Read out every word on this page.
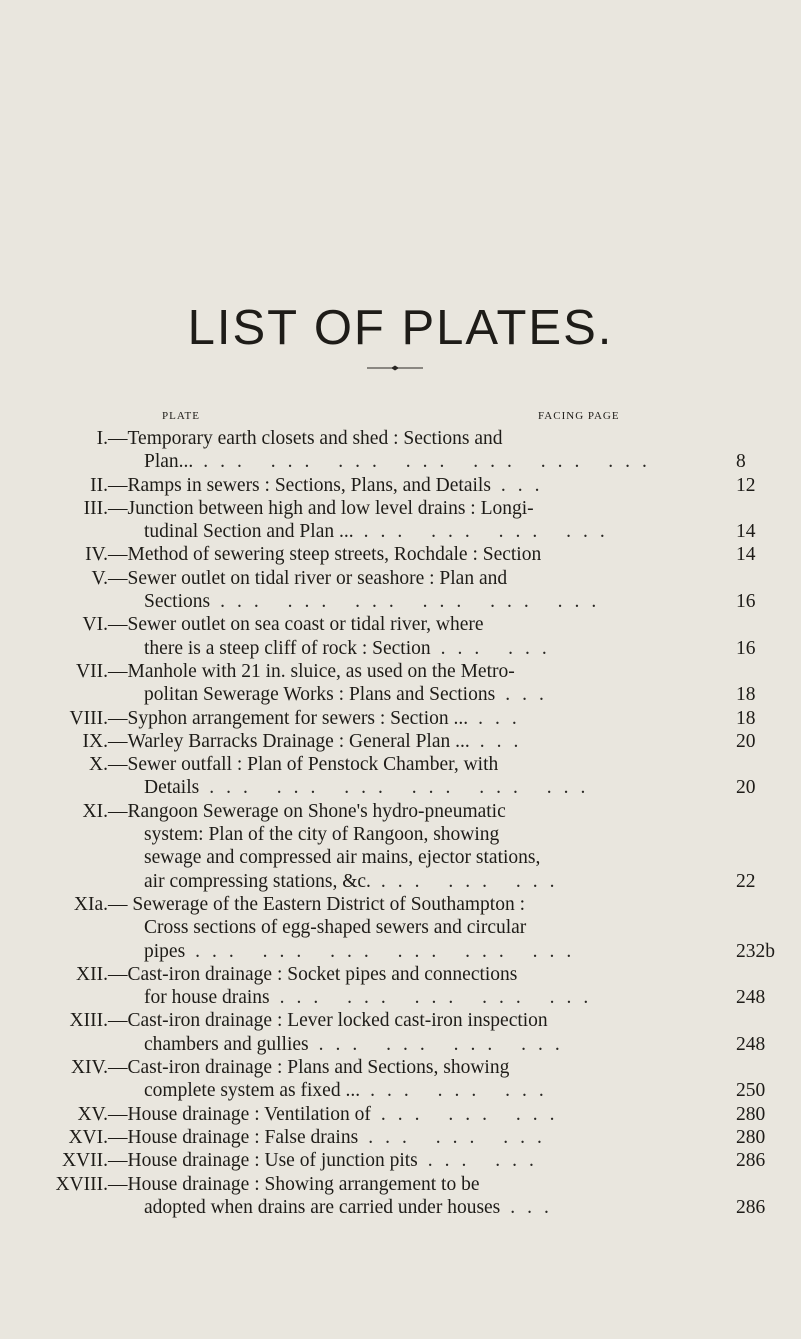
LIST OF PLATES.
PLATE	FACING PAGE
I. —Temporary earth closets and shed : Sections and
Plan... ... ... ... ... ... ... ...	8
II. —Ramps in sewers : Sections, Plans, and Details ...	12
III. —Junction between high and low level drains : Longi-
tudinal Section and Plan ... ... ... ... ...	14
IV. —Method of sewering steep streets, Rochdale : Section	14
V. —Sewer outlet on tidal river or seashore : Plan and
Sections ... ... ... ... ... ...	16
VI. —Sewer outlet on sea coast or tidal river, where
there is a steep cliff of rock : Section ... ...	16
VII. —Manhole with 21 in. sluice, as used on the Metro-
politan Sewerage Works : Plans and Sections ...	18
VIII. —Syphon arrangement for sewers : Section ... ...	18
IX. —Warley Barracks Drainage : General Plan ... ...	20
X. —Sewer outfall : Plan of Penstock Chamber, with
Details ... ... ... ... ... ...	20
XI. —Rangoon Sewerage on Shone's hydro-pneumatic
system: Plan of the city of Rangoon, showing
sewage and compressed air mains, ejector stations,
air compressing stations, &c. ... ... ...	22
XIa. — Sewerage of the Eastern District of Southampton :
Cross sections of egg-shaped sewers and circular
pipes ... ... ... ... ... ...	232b
XII. —Cast-iron drainage : Socket pipes and connections
for house drains ... ... ... ... ...	248
XIII. —Cast-iron drainage : Lever locked cast-iron inspection
chambers and gullies ... ... ... ...	248
XIV. —Cast-iron drainage : Plans and Sections, showing
complete system as fixed ... ... ... ...	250
XV. —House drainage : Ventilation of ... ... ...	280
XVI. —House drainage : False drains ... ... ...	280
XVII. —House drainage : Use of junction pits ... ...	286
XVIII. —House drainage : Showing arrangement to be
adopted when drains are carried under houses ...	286
